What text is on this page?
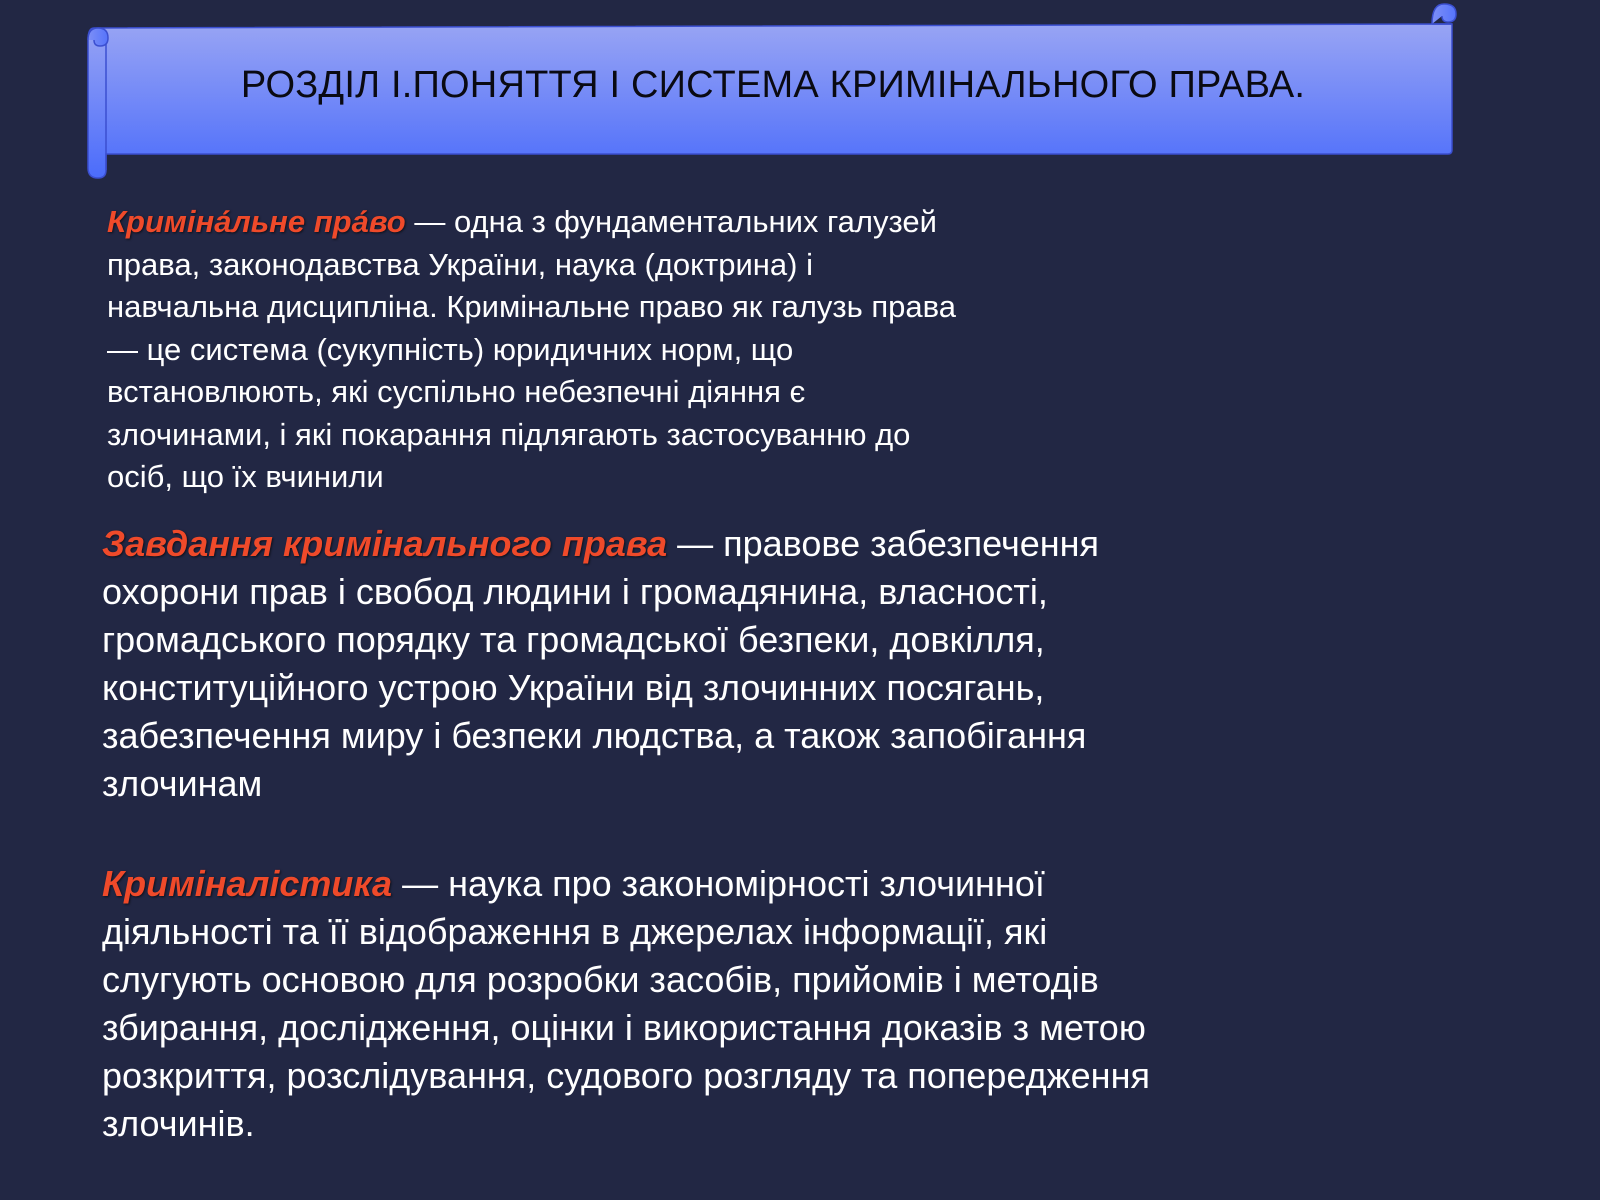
РОЗДІЛ І.ПОНЯТТЯ І СИСТЕМА КРИМІНАЛЬНОГО ПРАВА.

Криміна́льне пра́во — одна з фундаментальних галузей права, законодавства України, наука (доктрина) і навчальна дисципліна. Кримінальне право як галузь права — це система (сукупність) юридичних норм, що встановлюють, які суспільно небезпечні діяння є злочинами, і які покарання підлягають застосуванню до осіб, що їх вчинили

Завдання кримінального права — правове забезпечення охорони прав і свобод людини і громадянина, власності, громадського порядку та громадської безпеки, довкілля, конституційного устрою України від злочинних посягань, забезпечення миру і безпеки людства, а також запобігання злочинам

Криміналістика — наука про закономірності злочинної діяльності та її відображення в джерелах інформації, які слугують основою для розробки засобів, прийомів і методів збирання, дослідження, оцінки і використання доказів з метою розкриття, розслідування, судового розгляду та попередження злочинів.
